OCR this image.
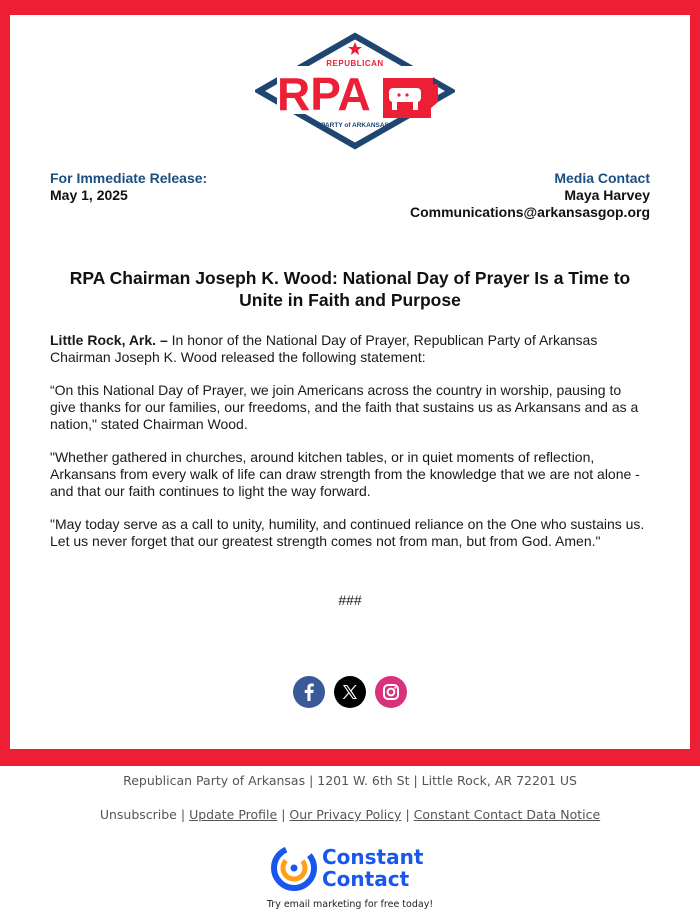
REPUBLICAN
RPA
PARTY of ARKANSAS
For Immediate Release:
May 1, 2025
Media Contact
Maya Harvey
Communications@arkansasgop.org
RPA Chairman Joseph K. Wood: National Day of Prayer Is a Time to Unite in Faith and Purpose

Little Rock, Ark. – In honor of the National Day of Prayer, Republican Party of Arkansas Chairman Joseph K. Wood released the following statement:

“On this National Day of Prayer, we join Americans across the country in worship, pausing to give thanks for our families, our freedoms, and the faith that sustains us as Arkansans and as a nation," stated Chairman Wood.

"Whether gathered in churches, around kitchen tables, or in quiet moments of reflection, Arkansans from every walk of life can draw strength from the knowledge that we are not alone - and that our faith continues to light the way forward.

"May today serve as a call to unity, humility, and continued reliance on the One who sustains us. Let us never forget that our greatest strength comes not from man, but from God. Amen."

###
Republican Party of Arkansas | 1201 W. 6th St | Little Rock, AR 72201 US
Unsubscribe | Update Profile | Our Privacy Policy | Constant Contact Data Notice
Constant
Contact
Try email marketing for free today!
